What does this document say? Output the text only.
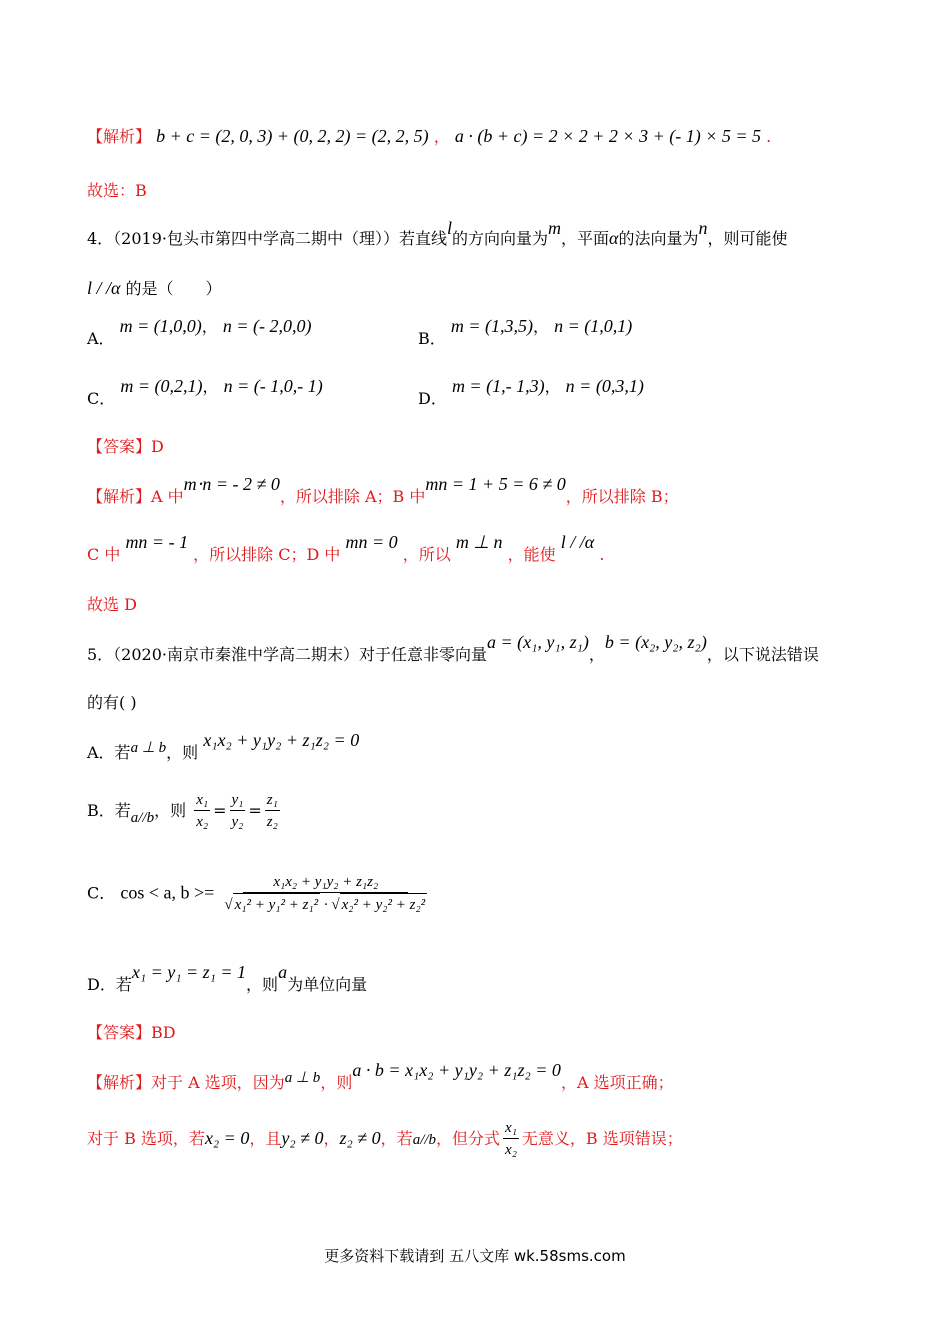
【解析】 b + c = (2, 0, 3) + (0, 2, 2) = (2, 2, 5) ， a · (b + c) = 2 × 2 + 2 × 3 + (- 1) × 5 = 5 .
故选：B
4．（2019·包头市第四中学高二期中（理））若直线l的方向向量为m，平面α的法向量为n，则可能使
l / /α 的是（　　）
A． m = (1,0,0)， n = (- 2,0,0)
B． m = (1,3,5)， n = (1,0,1)
C． m = (0,2,1)， n = (- 1,0,- 1)
D． m = (1,- 1,3)， n = (0,3,1)
【答案】D
【解析】A 中m⋅n = - 2 ≠ 0，所以排除 A；B 中mn = 1 + 5 = 6 ≠ 0，所以排除 B；
C 中 mn = - 1 ，所以排除 C；D 中 mn = 0 ，所以 m ⊥ n ，能使 l / /α .
故选 D
5．（2020·南京市秦淮中学高二期末）对于任意非零向量a = (x₁, y₁, z₁)，b = (x₂, y₂, z₂)，以下说法错误
的有( )
A．若a ⊥ b，则 x₁x₂ + y₁y₂ + z₁z₂ = 0
B．若a//b，则 $\frac{\text{x₁}}{\text{x₂}} = \frac{\text{y₁}}{\text{y₂}} = \frac{\text{z₁}}{\text{z₂}}$
C． cos < a, $b >= \frac{\text{x₁x₂ + y₁y₂ + z₁z₂}}{\text{√ x₁² + y₁² + z₁² · √ x₂² + y₂² + z₂²}}$
D．若x₁ = y₁ = z₁ = 1，则a为单位向量
【答案】BD
【解析】对于 A 选项，因为a ⊥ b，则a · b = x₁x₂ + y₁y₂ + z₁z₂ = 0，A 选项正确；
对于 B 选项，若x₂ = 0，且y₂ ≠ 0，z₂ ≠ 0，若a//b，但分式 $\frac{\text{x₁}}{\text{x₂}}$ 无意义，B 选项错误；
更多资料下载请到 五八文库 wk.58sms.com
